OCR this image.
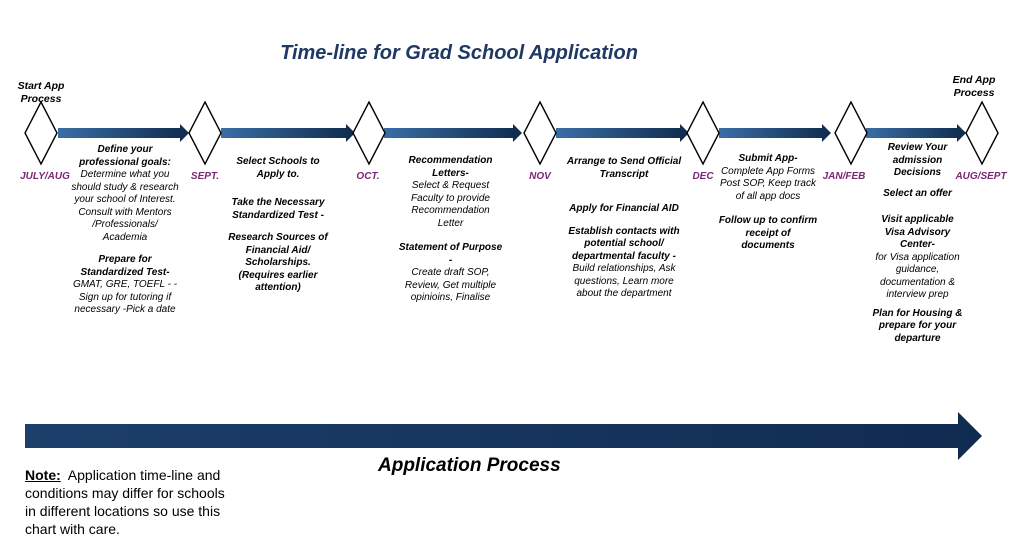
Time-line for Grad School Application
Start App Process
End App Process
JULY/AUG	SEPT.	OCT.	NOV	DEC	JAN/FEB	AUG/SEPT
Define your professional goals:
Determine what you should study & research your school of Interest. Consult with Mentors /Professionals/ Academia
Prepare for Standardized Test-
GMAT, GRE, TOEFL - -Sign up for tutoring if necessary -Pick a date
Select Schools to Apply to.
Take the Necessary Standardized Test -
Research Sources of Financial Aid/ Scholarships. (Requires earlier attention)
Recommendation Letters-
Select & Request Faculty to provide Recommendation Letter
Statement of Purpose -
Create draft SOP, Review, Get multiple opinioins, Finalise
Arrange to Send Official Transcript
Apply for Financial AID
Establish contacts with potential school/ departmental faculty -
Build relationships, Ask questions, Learn more about the department
Submit App-
Complete App Forms Post SOP, Keep track of all app docs
Follow up to confirm receipt of documents
Review Your admission Decisions
Select an offer
Visit applicable Visa Advisory Center-
for Visa application guidance, documentation & interview prep
Plan for Housing & prepare for your departure
Application Process
Note: Application time-line and conditions may differ for schools in different locations so use this chart with care.
